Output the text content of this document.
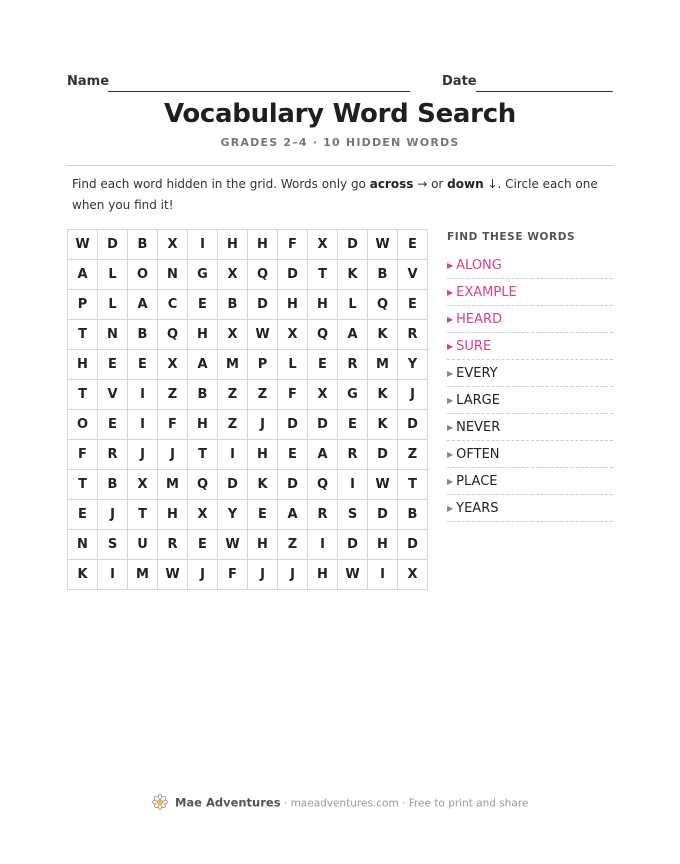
Name	Date
Vocabulary Word Search
GRADES 2–4 · 10 HIDDEN WORDS
Find each word hidden in the grid. Words only go across → or down ↓. Circle each one when you find it!
W	D	B	X	I	H	H	F	X	D	W	E
A	L	O	N	G	X	Q	D	T	K	B	V
P	L	A	C	E	B	D	H	H	L	Q	E
T	N	B	Q	H	X	W	X	Q	A	K	R
H	E	E	X	A	M	P	L	E	R	M	Y
T	V	I	Z	B	Z	Z	F	X	G	K	J
O	E	I	F	H	Z	J	D	D	E	K	D
F	R	J	J	T	I	H	E	A	R	D	Z
T	B	X	M	Q	D	K	D	Q	I	W	T
E	J	T	H	X	Y	E	A	R	S	D	B
N	S	U	R	E	W	H	Z	I	D	H	D
K	I	M	W	J	F	J	J	H	W	I	X
FIND THESE WORDS
▶ ALONG
▶ EXAMPLE
▶ HEARD
▶ SURE
▶ EVERY
▶ LARGE
▶ NEVER
▶ OFTEN
▶ PLACE
▶ YEARS
Mae Adventures · maeadventures.com · Free to print and share
